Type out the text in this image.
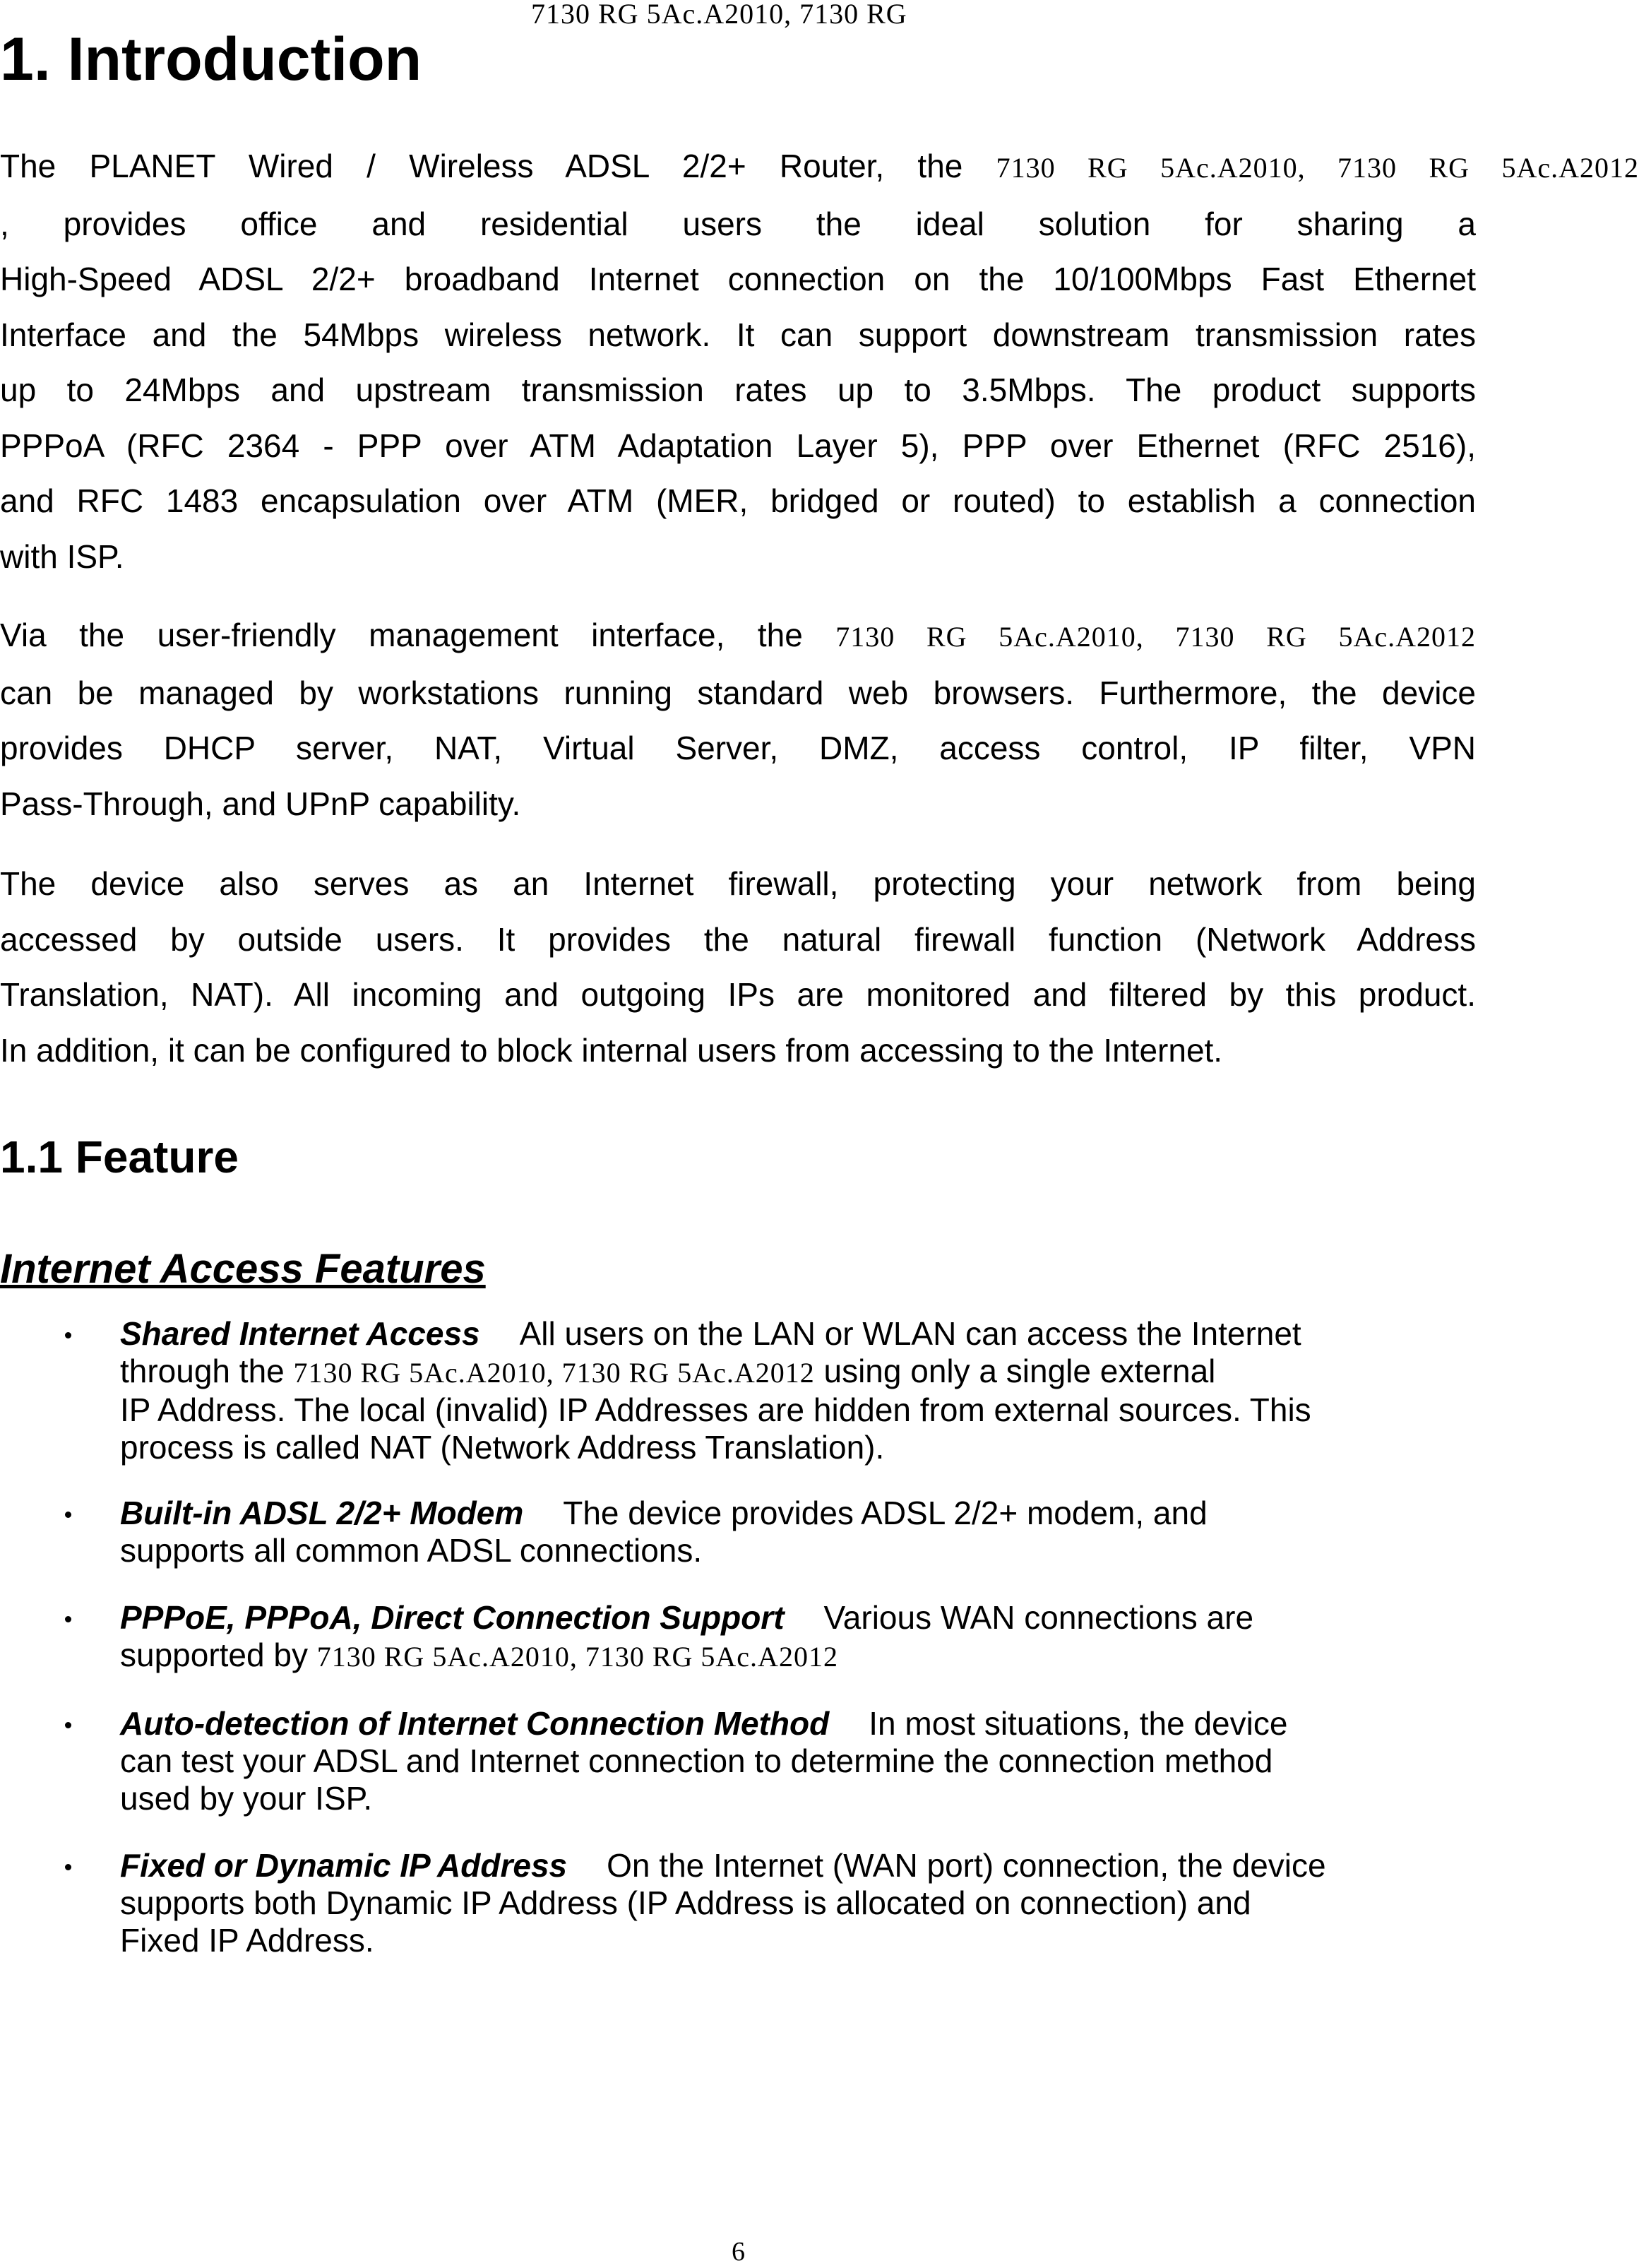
7130 RG 5Ac.A2010, 7130 RG
1. Introduction
The PLANET Wired / Wireless ADSL 2/2+ Router, the 7130 RG 5Ac.A2010, 7130 RG 5Ac.A2012
, provides office and residential users the ideal solution for sharing a
High-Speed ADSL 2/2+ broadband Internet connection on the 10/100Mbps Fast Ethernet
Interface and the 54Mbps wireless network. It can support downstream transmission rates
up to 24Mbps and upstream transmission rates up to 3.5Mbps. The product supports
PPPoA (RFC 2364 - PPP over ATM Adaptation Layer 5), PPP over Ethernet (RFC 2516),
and RFC 1483 encapsulation over ATM (MER, bridged or routed) to establish a connection
with ISP.
Via the user-friendly management interface, the 7130 RG 5Ac.A2010, 7130 RG 5Ac.A2012
can be managed by workstations running standard web browsers. Furthermore, the device
provides DHCP server, NAT, Virtual Server, DMZ, access control, IP filter, VPN
Pass-Through, and UPnP capability.
The device also serves as an Internet firewall, protecting your network from being
accessed by outside users. It provides the natural firewall function (Network Address
Translation, NAT). All incoming and outgoing IPs are monitored and filtered by this product.
In addition, it can be configured to block internal users from accessing to the Internet.
1.1 Feature
Internet Access Features
Shared Internet Access All users on the LAN or WLAN can access the Internet
through the 7130 RG 5Ac.A2010, 7130 RG 5Ac.A2012 using only a single external
IP Address. The local (invalid) IP Addresses are hidden from external sources. This
process is called NAT (Network Address Translation).
Built-in ADSL 2/2+ Modem The device provides ADSL 2/2+ modem, and
supports all common ADSL connections.
PPPoE, PPPoA, Direct Connection Support Various WAN connections are
supported by 7130 RG 5Ac.A2010, 7130 RG 5Ac.A2012
Auto-detection of Internet Connection Method In most situations, the device
can test your ADSL and Internet connection to determine the connection method
used by your ISP.
Fixed or Dynamic IP Address On the Internet (WAN port) connection, the device
supports both Dynamic IP Address (IP Address is allocated on connection) and
Fixed IP Address.
6
